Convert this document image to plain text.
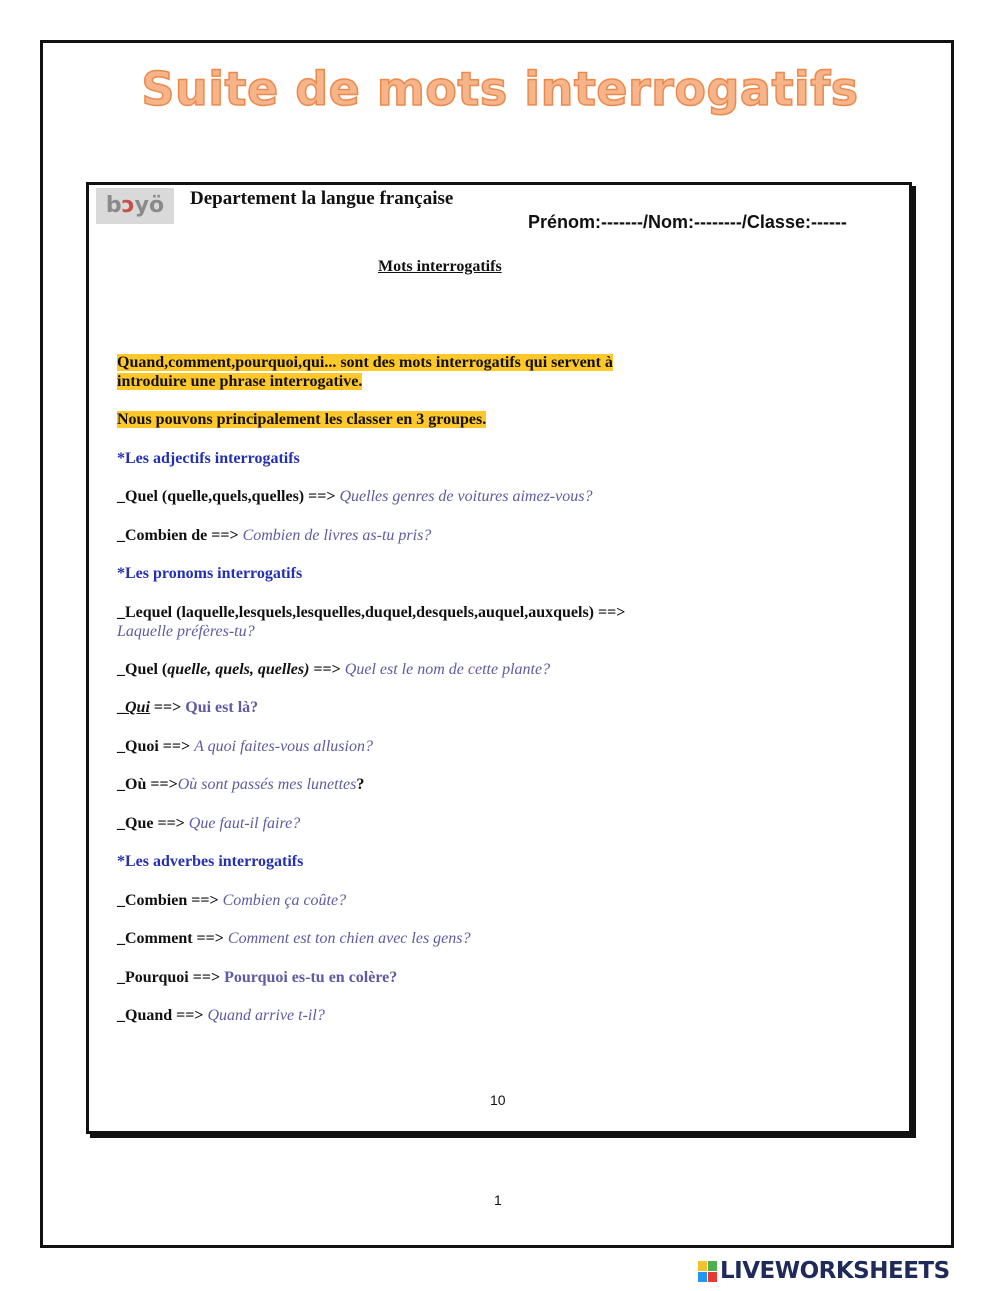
Suite de mots interrogatifs
bɔyö	Departement la langue française
Prénom:-------/Nom:--------/Classe:------
Mots interrogatifs
Quand,comment,pourquoi,qui... sont des mots interrogatifs qui servent à
introduire une phrase interrogative.
Nous pouvons principalement les classer en 3 groupes.
*Les adjectifs interrogatifs
_Quel (quelle,quels,quelles) ==> Quelles genres de voitures aimez-vous?
_Combien de ==> Combien de livres as-tu pris?
*Les pronoms interrogatifs
_Lequel (laquelle,lesquels,lesquelles,duquel,desquels,auquel,auxquels) ==>
Laquelle préfères-tu?
_Quel (quelle, quels, quelles) ==> Quel est le nom de cette plante?
_Qui ==> Qui est là?
_Quoi ==> A quoi faites-vous allusion?
_Où ==>Où sont passés mes lunettes?
_Que ==> Que faut-il faire?
*Les adverbes interrogatifs
_Combien ==> Combien ça coûte?
_Comment ==> Comment est ton chien avec les gens?
_Pourquoi ==> Pourquoi es-tu en colère?
_Quand ==> Quand arrive t-il?
10
1
LIVEWORKSHEETS
